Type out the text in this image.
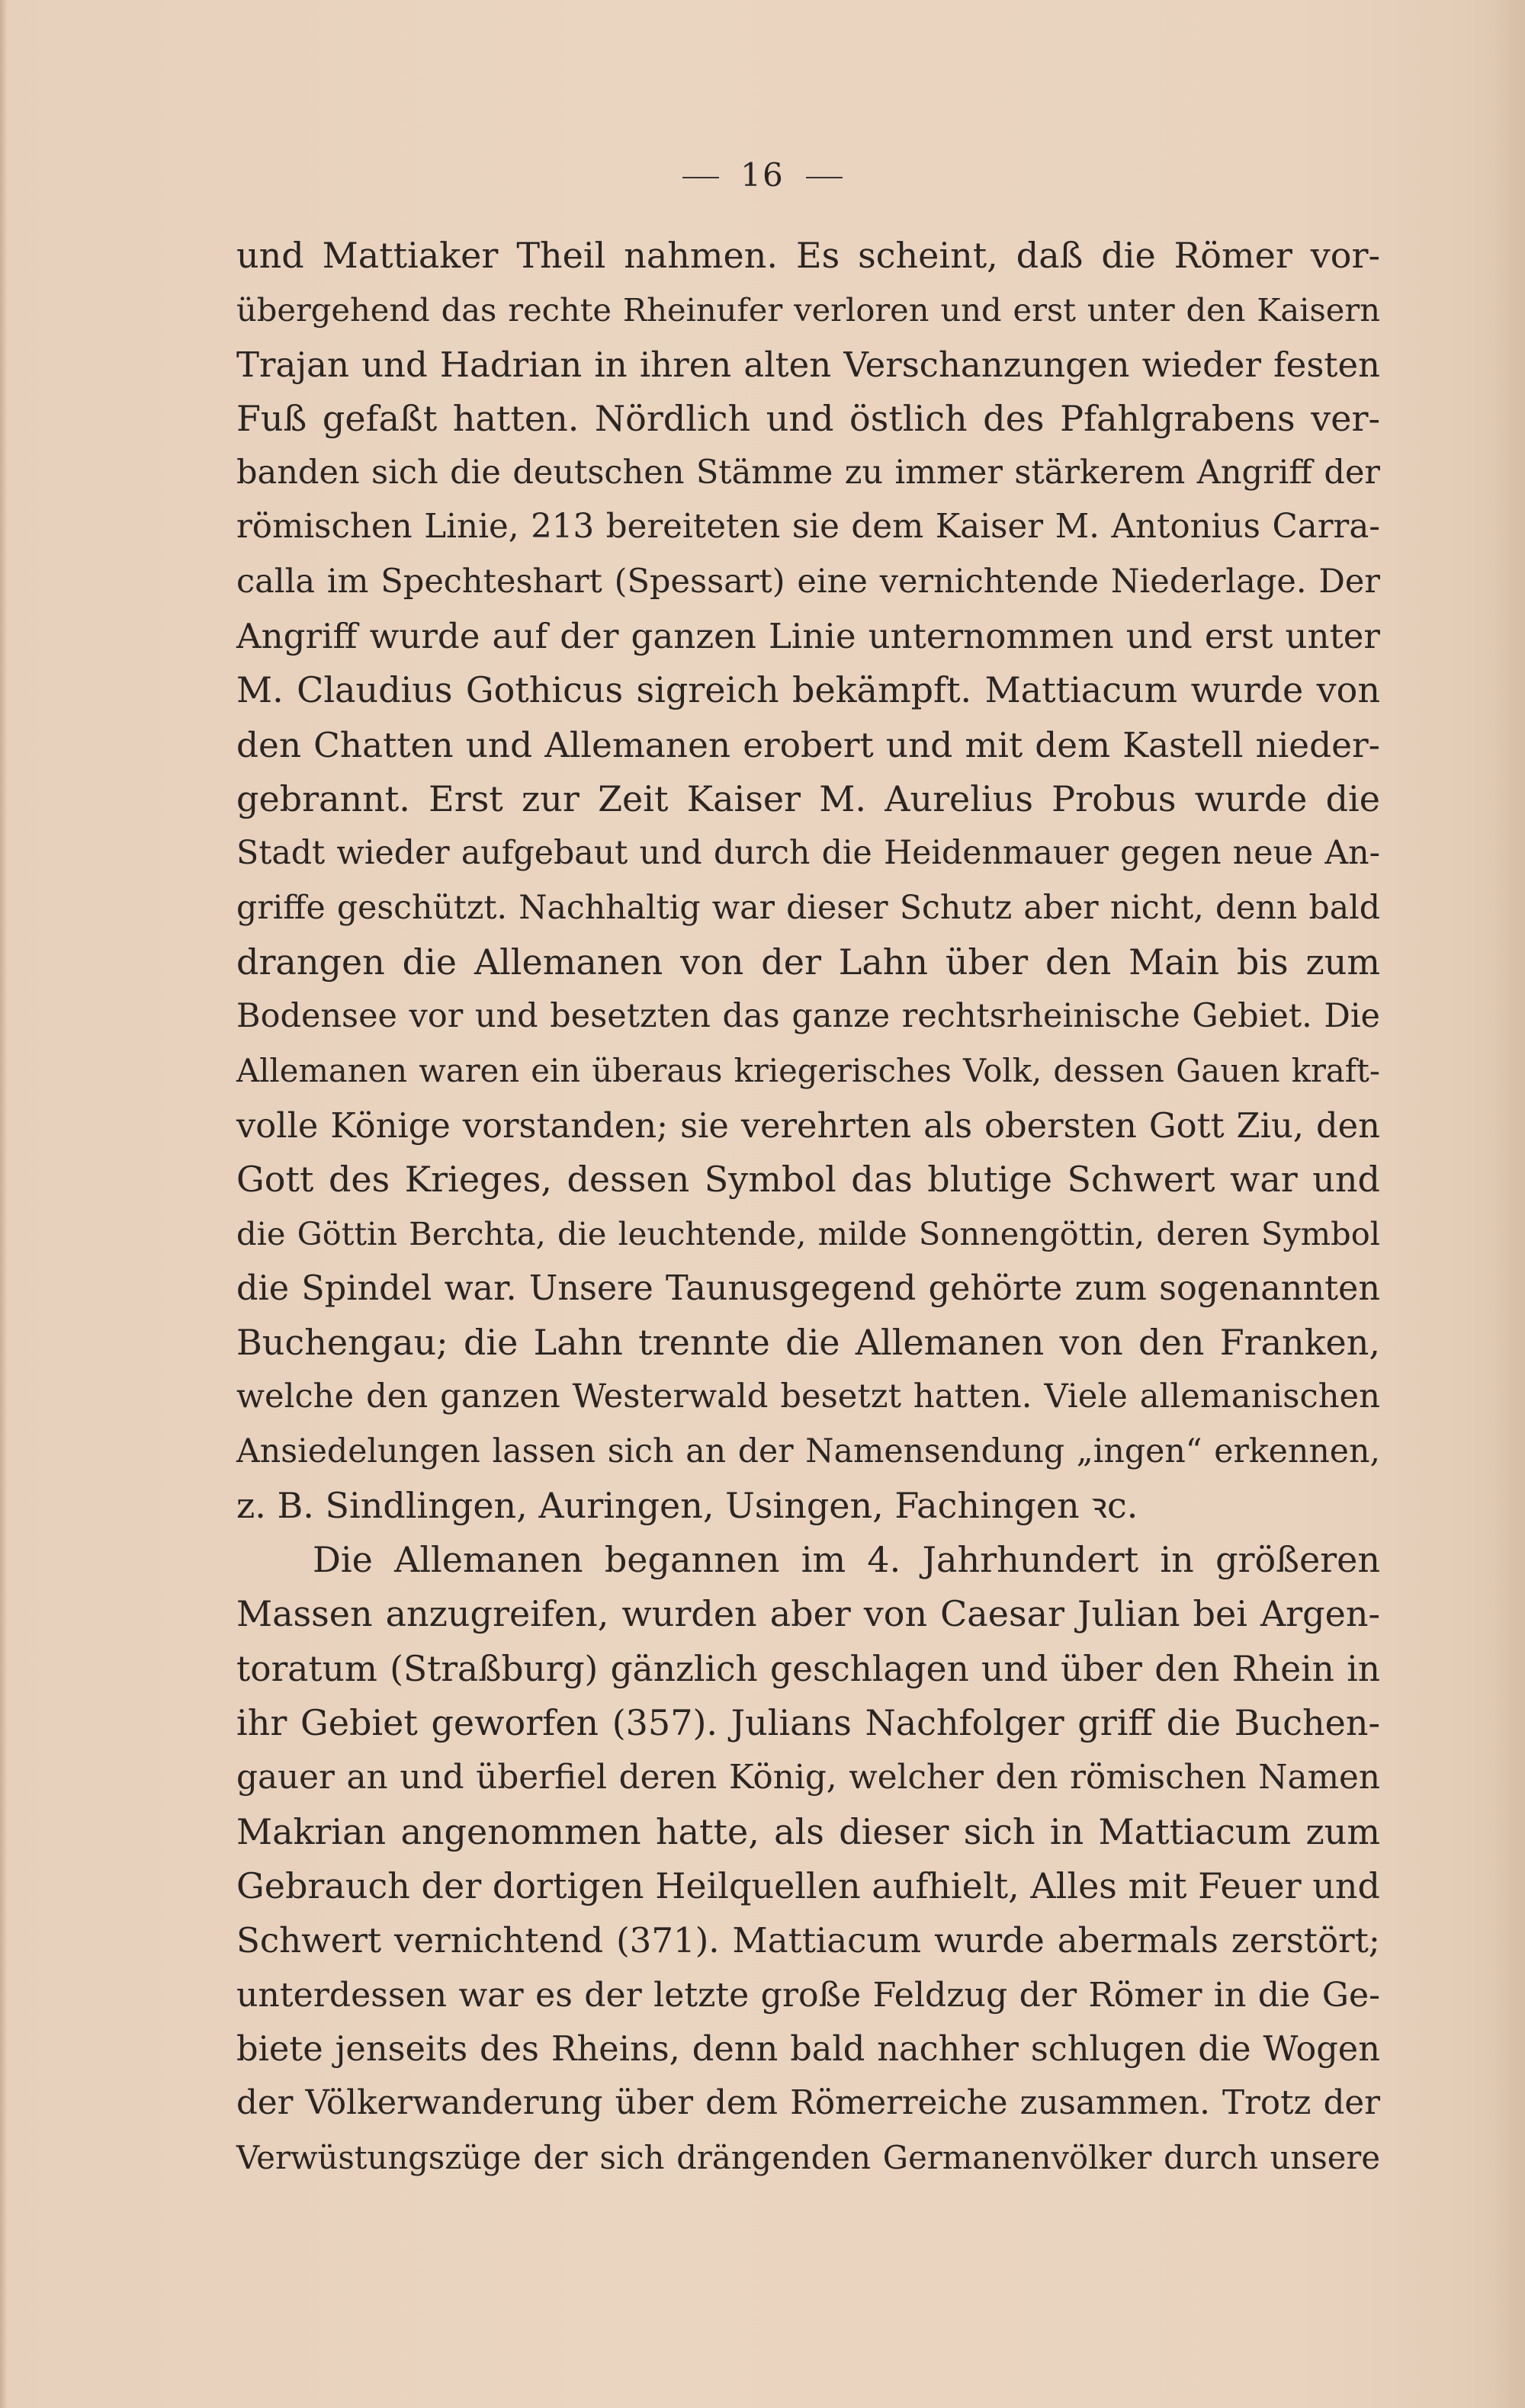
16
und Mattiaker Theil nahmen. Es scheint, daß die Römer vor-
übergehend das rechte Rheinufer verloren und erst unter den Kaisern
Trajan und Hadrian in ihren alten Verschanzungen wieder festen
Fuß gefaßt hatten. Nördlich und östlich des Pfahlgrabens ver-
banden sich die deutschen Stämme zu immer stärkerem Angriff der
römischen Linie, 213 bereiteten sie dem Kaiser M. Antonius Carra-
calla im Spechteshart (Spessart) eine vernichtende Niederlage. Der
Angriff wurde auf der ganzen Linie unternommen und erst unter
M. Claudius Gothicus sigreich bekämpft. Mattiacum wurde von
den Chatten und Allemanen erobert und mit dem Kastell nieder-
gebrannt. Erst zur Zeit Kaiser M. Aurelius Probus wurde die
Stadt wieder aufgebaut und durch die Heidenmauer gegen neue An-
griffe geschützt. Nachhaltig war dieser Schutz aber nicht, denn bald
drangen die Allemanen von der Lahn über den Main bis zum
Bodensee vor und besetzten das ganze rechtsrheinische Gebiet. Die
Allemanen waren ein überaus kriegerisches Volk, dessen Gauen kraft-
volle Könige vorstanden; sie verehrten als obersten Gott Ziu, den
Gott des Krieges, dessen Symbol das blutige Schwert war und
die Göttin Berchta, die leuchtende, milde Sonnengöttin, deren Symbol
die Spindel war. Unsere Taunusgegend gehörte zum sogenannten
Buchengau; die Lahn trennte die Allemanen von den Franken,
welche den ganzen Westerwald besetzt hatten. Viele allemanischen
Ansiedelungen lassen sich an der Namensendung „ingen“ erkennen,
z. B. Sindlingen, Auringen, Usingen, Fachingen ꝛc.
Die Allemanen begannen im 4. Jahrhundert in größeren
Massen anzugreifen, wurden aber von Caesar Julian bei Argen-
toratum (Straßburg) gänzlich geschlagen und über den Rhein in
ihr Gebiet geworfen (357). Julians Nachfolger griff die Buchen-
gauer an und überfiel deren König, welcher den römischen Namen
Makrian angenommen hatte, als dieser sich in Mattiacum zum
Gebrauch der dortigen Heilquellen aufhielt, Alles mit Feuer und
Schwert vernichtend (371). Mattiacum wurde abermals zerstört;
unterdessen war es der letzte große Feldzug der Römer in die Ge-
biete jenseits des Rheins, denn bald nachher schlugen die Wogen
der Völkerwanderung über dem Römerreiche zusammen. Trotz der
Verwüstungszüge der sich drängenden Germanenvölker durch unsere
